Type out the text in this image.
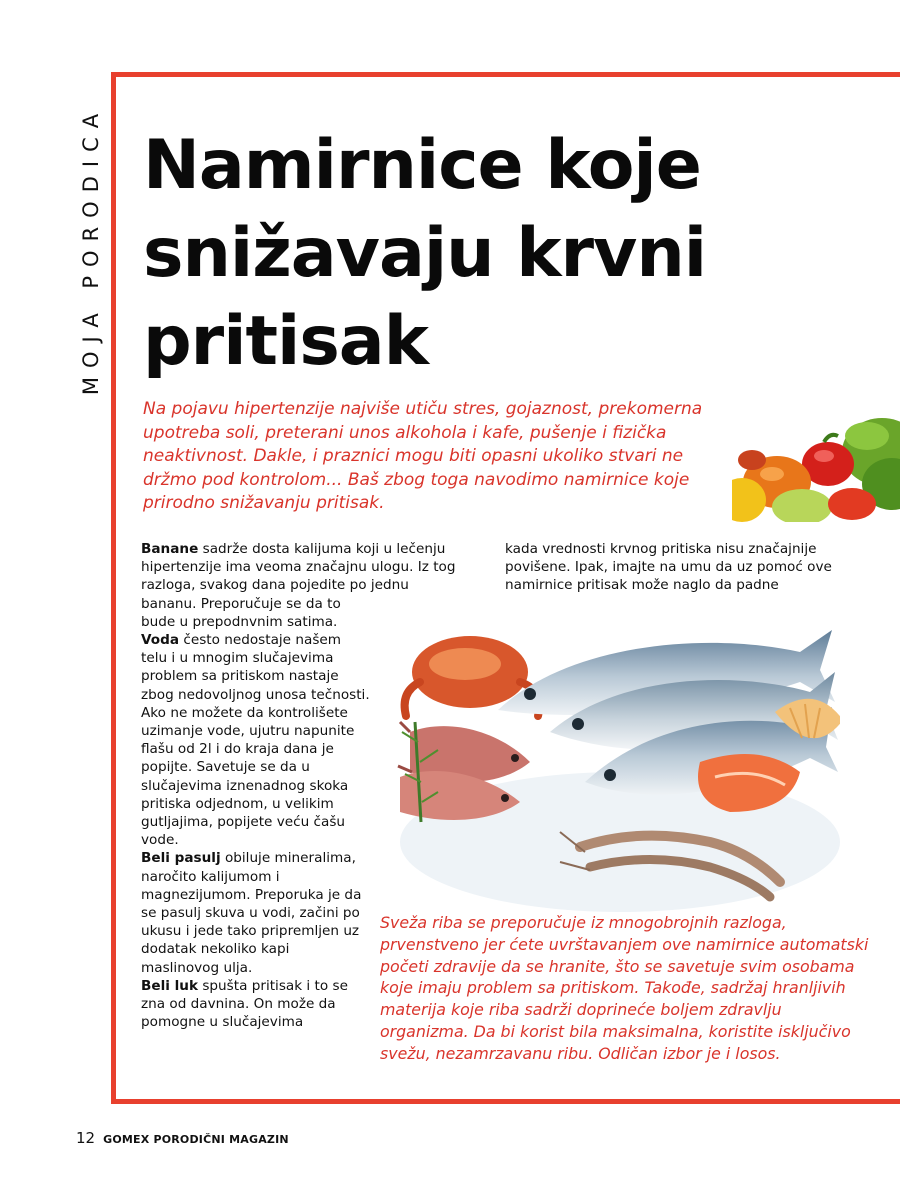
MOJA PORODICA Namirnice koje snižavaju krvni pritisak

Na pojavu hipertenzije najviše utiču stres, gojaznost, prekomerna upotreba soli, preterani unos alkohola i kafe, pušenje i fizička neaktivnost. Dakle, i praznici mogu biti opasni ukoliko stvari ne držmo pod kontrolom... Baš zbog toga navodimo namirnice koje prirodno snižavanju pritisak.

Banane sadrže dosta kalijuma koji u lečenju hipertenzije ima veoma značajnu ulogu. Iz tog razloga, svakog dana pojedite po jednu

bananu. Preporučuje se da to bude u prepodnvnim satima.

Voda često nedostaje našem telu i u mnogim slučajevima problem sa pritiskom nastaje zbog nedovoljnog unosa tečnosti. Ako ne možete da kontrolišete uzimanje vode, ujutru napunite flašu od 2l i do kraja dana je popijte. Savetuje se da u slučajevima iznenadnog skoka pritiska odjednom, u velikim gutljajima, popijete veću čašu vode.

Beli pasulj obiluje mineralima, naročito kalijumom i magnezijumom. Preporuka je da se pasulj skuva u vodi, začini po ukusu i jede tako pripremljen uz dodatak nekoliko kapi maslinovog ulja.

Beli luk spušta pritisak i to se zna od davnina. On može da pomogne u slučajevima

kada vrednosti krvnog pritiska nisu značajnije povišene. Ipak, imajte na umu da uz pomoć ove namirnice pritisak može naglo da padne

Sveža riba se preporučuje iz mnogobrojnih razloga, prvenstveno jer ćete uvrštavanjem ove namirnice automatski početi zdravije da se hranite, što se savetuje svim osobama koje imaju problem sa pritiskom. Takođe, sadržaj hranljivih materija koje riba sadrži doprineće boljem zdravlju organizma. Da bi korist bila maksimalna, koristite isključivo svežu, nezamrzavanu ribu. Odličan izbor je i losos.

12 GOMEX PORODIČNI MAGAZIN
